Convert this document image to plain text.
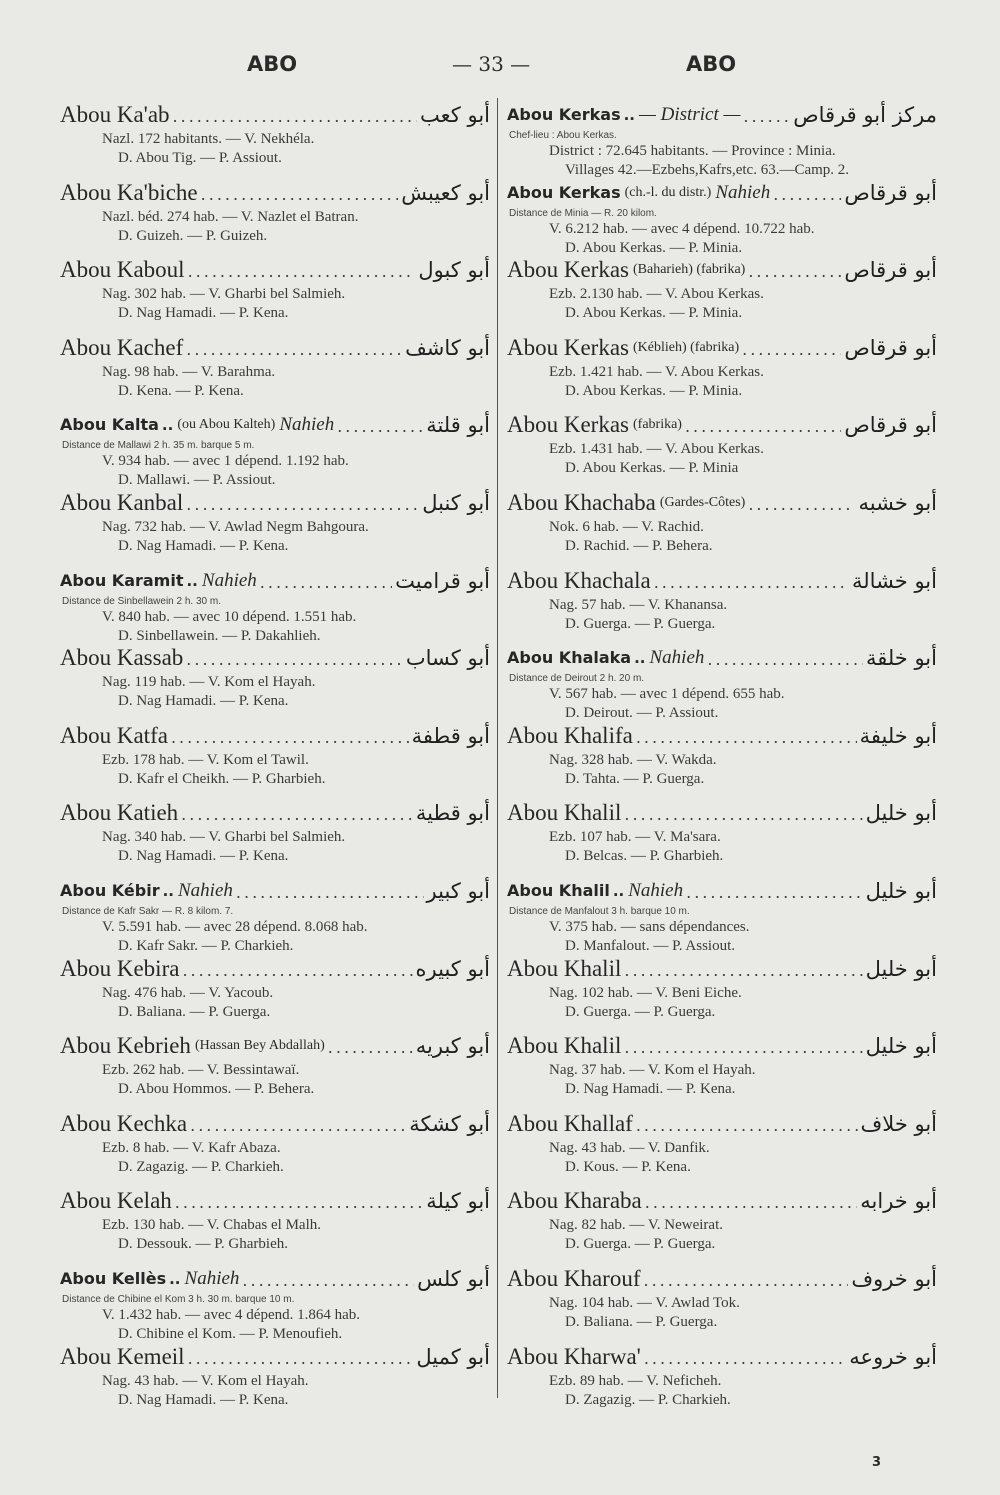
ABO	— 33 —	ABO
Abou Ka'ab .....	أبو كعب
Nazl. 172 habitants. — V. Nekhéla.
D. Abou Tig. — P. Assiout.
Abou Ka'biche .....	أبو كعيبش
Nazl. béd. 274 hab. — V. Nazlet el Batran.
D. Guizeh. — P. Guizeh.
Abou Kaboul .....	أبو كبول
Nag. 302 hab. — V. Gharbi bel Salmieh.
D. Nag Hamadi. — P. Kena.
Abou Kachef .....	أبو كاشف
Nag. 98 hab. — V. Barahma.
D. Kena. — P. Kena.
Abou Kalta .. (ou Abou Kalteh) Nahieh .....	أبو قلتة
Distance de Mallawi 2 h. 35 m. barque 5 m.
V. 934 hab. — avec 1 dépend. 1.192 hab.
D. Mallawi. — P. Assiout.
Abou Kanbal .....	أبو كنبل
Nag. 732 hab. — V. Awlad Negm Bahgoura.
D. Nag Hamadi. — P. Kena.
Abou Karamit .. Nahieh .....	أبو قراميت
Distance de Sinbellawein 2 h. 30 m.
V. 840 hab. — avec 10 dépend. 1.551 hab.
D. Sinbellawein. — P. Dakahlieh.
Abou Kassab .....	أبو كساب
Nag. 119 hab. — V. Kom el Hayah.
D. Nag Hamadi. — P. Kena.
Abou Katfa .....	أبو قطفة
Ezb. 178 hab. — V. Kom el Tawil.
D. Kafr el Cheikh. — P. Gharbieh.
Abou Katieh .....	أبو قطية
Nag. 340 hab. — V. Gharbi bel Salmieh.
D. Nag Hamadi. — P. Kena.
Abou Kébir .. Nahieh .....	أبو كبير
Distance de Kafr Sakr — R. 8 kilom. 7.
V. 5.591 hab. — avec 28 dépend. 8.068 hab.
D. Kafr Sakr. — P. Charkieh.
Abou Kebira .....	أبو كبيره
Nag. 476 hab. — V. Yacoub.
D. Baliana. — P. Guerga.
Abou Kebrieh (Hassan Bey Abdallah) .....	أبو كبريه
Ezb. 262 hab. — V. Bessintawaï.
D. Abou Hommos. — P. Behera.
Abou Kechka .....	أبو كشكة
Ezb. 8 hab. — V. Kafr Abaza.
D. Zagazig. — P. Charkieh.
Abou Kelah .....	أبو كيلة
Ezb. 130 hab. — V. Chabas el Malh.
D. Dessouk. — P. Gharbieh.
Abou Kellès .. Nahieh .....	أبو كلس
Distance de Chibine el Kom 3 h. 30 m. barque 10 m.
V. 1.432 hab. — avec 4 dépend. 1.864 hab.
D. Chibine el Kom. — P. Menoufieh.
Abou Kemeil .....	أبو كميل
Nag. 43 hab. — V. Kom el Hayah.
D. Nag Hamadi. — P. Kena.
Abou Kerkas .. — District — .....	مركز أبو قرقاص
Chef-lieu : Abou Kerkas.
District : 72.645 habitants. — Province : Minia.
Villages 42.—Ezbehs,Kafrs,etc. 63.—Camp. 2.
Abou Kerkas (ch.-l. du distr.) Nahieh .....	أبو قرقاص
Distance de Minia — R. 20 kilom.
V. 6.212 hab. — avec 4 dépend. 10.722 hab.
D. Abou Kerkas. — P. Minia.
Abou Kerkas (Baharieh) (fabrika) .....	أبو قرقاص
Ezb. 2.130 hab. — V. Abou Kerkas.
D. Abou Kerkas. — P. Minia.
Abou Kerkas (Kéblieh) (fabrika) .....	أبو قرقاص
Ezb. 1.421 hab. — V. Abou Kerkas.
D. Abou Kerkas. — P. Minia.
Abou Kerkas (fabrika) .....	أبو قرقاص
Ezb. 1.431 hab. — V. Abou Kerkas.
D. Abou Kerkas. — P. Minia
Abou Khachaba (Gardes-Côtes) .....	أبو خشبه
Nok. 6 hab. — V. Rachid.
D. Rachid. — P. Behera.
Abou Khachala .....	أبو خشالة
Nag. 57 hab. — V. Khanansa.
D. Guerga. — P. Guerga.
Abou Khalaka .. Nahieh .....	أبو خلقة
Distance de Deirout 2 h. 20 m.
V. 567 hab. — avec 1 dépend. 655 hab.
D. Deirout. — P. Assiout.
Abou Khalifa .....	أبو خليفة
Nag. 328 hab. — V. Wakda.
D. Tahta. — P. Guerga.
Abou Khalil .....	أبو خليل
Ezb. 107 hab. — V. Ma'sara.
D. Belcas. — P. Gharbieh.
Abou Khalil .. Nahieh .....	أبو خليل
Distance de Manfalout 3 h. barque 10 m.
V. 375 hab. — sans dépendances.
D. Manfalout. — P. Assiout.
Abou Khalil .....	أبو خليل
Nag. 102 hab. — V. Beni Eiche.
D. Guerga. — P. Guerga.
Abou Khalil .....	أبو خليل
Nag. 37 hab. — V. Kom el Hayah.
D. Nag Hamadi. — P. Kena.
Abou Khallaf .....	أبو خلاف
Nag. 43 hab. — V. Danfik.
D. Kous. — P. Kena.
Abou Kharaba .....	أبو خرابه
Nag. 82 hab. — V. Neweirat.
D. Guerga. — P. Guerga.
Abou Kharouf .....	أبو خروف
Nag. 104 hab. — V. Awlad Tok.
D. Baliana. — P. Guerga.
Abou Kharwa' .....	أبو خروعه
Ezb. 89 hab. — V. Neficheh.
D. Zagazig. — P. Charkieh.
3
